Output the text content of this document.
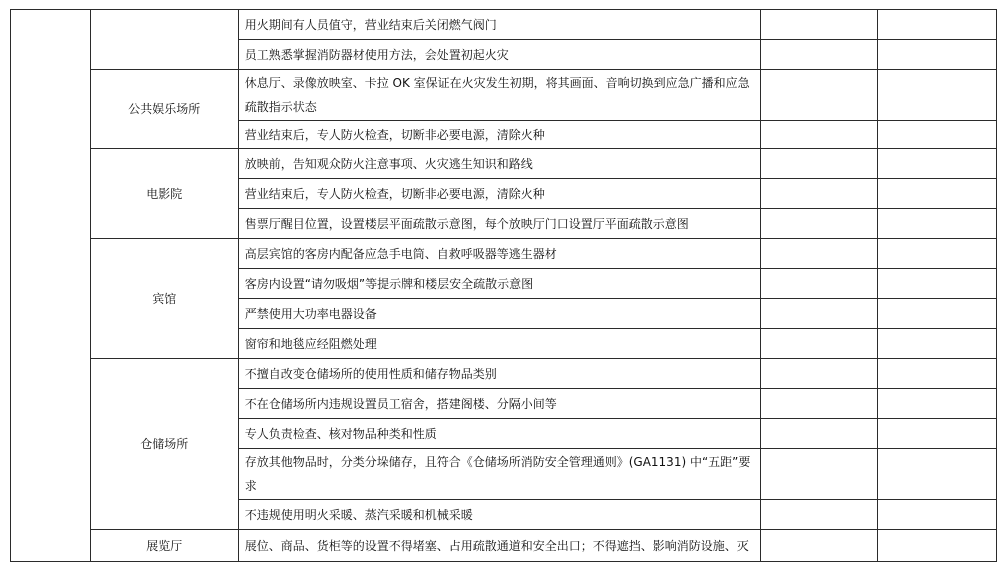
		用火期间有人员值守，营业结束后关闭燃气阀门		
		员工熟悉掌握消防器材使用方法，会处置初起火灾		
	公共娱乐场所	休息厅、录像放映室、卡拉 OK 室保证在火灾发生初期，将其画面、音响切换到应急广播和应急疏散指示状态		
		营业结束后，专人防火检查，切断非必要电源，清除火种		
	电影院	放映前，告知观众防火注意事项、火灾逃生知识和路线		
		营业结束后，专人防火检查，切断非必要电源，清除火种		
		售票厅醒目位置，设置楼层平面疏散示意图，每个放映厅门口设置厅平面疏散示意图		
	宾馆	高层宾馆的客房内配备应急手电筒、自救呼吸器等逃生器材		
		客房内设置“请勿吸烟”等提示牌和楼层安全疏散示意图		
		严禁使用大功率电器设备		
		窗帘和地毯应经阻燃处理		
	仓储场所	不擅自改变仓储场所的使用性质和储存物品类别		
		不在仓储场所内违规设置员工宿舍，搭建阁楼、分隔小间等		
		专人负责检查、核对物品种类和性质		
		存放其他物品时，分类分垛储存，且符合《仓储场所消防安全管理通则》(GA1131) 中“五距”要求		
		不违规使用明火采暖、蒸汽采暖和机械采暖		
	展览厅	展位、商品、货柜等的设置不得堵塞、占用疏散通道和安全出口；不得遮挡、影响消防设施、灭		
